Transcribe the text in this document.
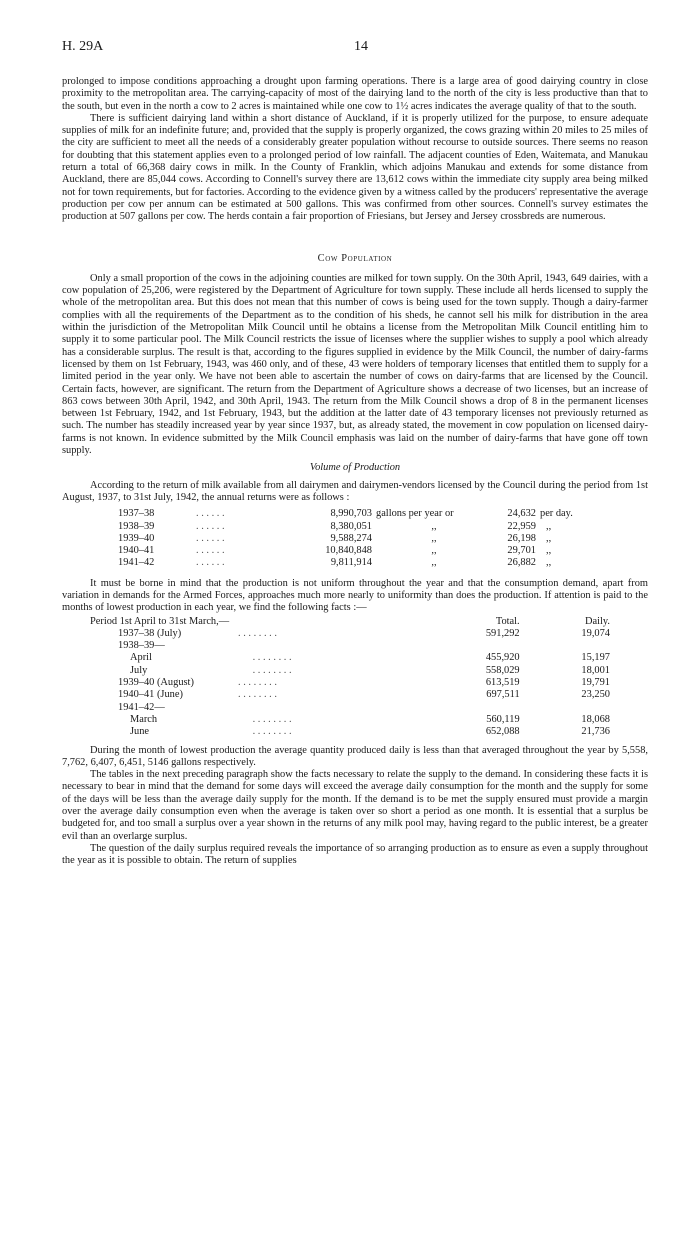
H. 29A	14

prolonged to impose conditions approaching a drought upon farming operations. There is a large area of good dairying country in close proximity to the metropolitan area. The carrying-capacity of most of the dairying land to the north of the city is less productive than that to the south, but even in the north a cow to 2 acres is maintained while one cow to 1½ acres indicates the average quality of that to the south.

There is sufficient dairying land within a short distance of Auckland, if it is properly utilized for the purpose, to ensure adequate supplies of milk for an indefinite future; and, provided that the supply is properly organized, the cows grazing within 20 miles to 25 miles of the city are sufficient to meet all the needs of a considerably greater population without recourse to outside sources. There seems no reason for doubting that this statement applies even to a prolonged period of low rainfall. The adjacent counties of Eden, Waitemata, and Manukau return a total of 66,368 dairy cows in milk. In the County of Franklin, which adjoins Manukau and extends for some distance from Auckland, there are 85,044 cows. According to Connell's survey there are 13,612 cows within the immediate city supply area being milked not for town requirements, but for factories. According to the evidence given by a witness called by the producers' representative the average production per cow per annum can be estimated at 500 gallons. This was confirmed from other sources. Connell's survey estimates the production at 507 gallons per cow. The herds contain a fair proportion of Friesians, but Jersey and Jersey crossbreds are numerous.

Cow Population

Only a small proportion of the cows in the adjoining counties are milked for town supply. On the 30th April, 1943, 649 dairies, with a cow population of 25,206, were registered by the Department of Agriculture for town supply. These include all herds licensed to supply the whole of the metropolitan area. But this does not mean that this number of cows is being used for the town supply. Though a dairy-farmer complies with all the requirements of the Department as to the condition of his sheds, he cannot sell his milk for distribution in the area within the jurisdiction of the Metropolitan Milk Council until he obtains a license from the Metropolitan Milk Council entitling him to supply it to some particular pool. The Milk Council restricts the issue of licenses where the supplier wishes to supply a pool which already has a considerable surplus. The result is that, according to the figures supplied in evidence by the Milk Council, the number of dairy-farms licensed by them on 1st February, 1943, was 460 only, and of these, 43 were holders of temporary licenses that entitled them to supply for a limited period in the year only. We have not been able to ascertain the number of cows on dairy-farms that are licensed by the Council. Certain facts, however, are significant. The return from the Department of Agriculture shows a decrease of two licenses, but an increase of 863 cows between 30th April, 1942, and 30th April, 1943. The return from the Milk Council shows a drop of 8 in the permanent licenses between 1st February, 1942, and 1st February, 1943, but the addition at the latter date of 43 temporary licenses not previously returned as such. The number has steadily increased year by year since 1937, but, as already stated, the movement in cow population on licensed dairy-farms is not known. In evidence submitted by the Milk Council emphasis was laid on the number of dairy-farms that have gone off town supply.

Volume of Production

According to the return of milk available from all dairymen and dairymen-vendors licensed by the Council during the period from 1st August, 1937, to 31st July, 1942, the annual returns were as follows :

1937–38	. . . . . .	8,990,703	gallons per year or	24,632	per day.
1938–39	. . . . . .	8,380,051	,,	22,959	,,
1939–40	. . . . . .	9,588,274	,,	26,198	,,
1940–41	. . . . . .	10,840,848	,,	29,701	,,
1941–42	. . . . . .	9,811,914	,,	26,882	,,

It must be borne in mind that the production is not uniform throughout the year and that the consumption demand, apart from variation in demands for the Armed Forces, approaches much more nearly to uniformity than does the production. If attention is paid to the months of lowest production in each year, we find the following facts :—

Period 1st April to 31st March,—	Total.	Daily.
1937–38 (July) . . . . . . . .	591,292	19,074
1938–39—		
April . . . . . . . .	455,920	15,197
July . . . . . . . .	558,029	18,001
1939–40 (August) . . . . . . . .	613,519	19,791
1940–41 (June) . . . . . . . .	697,511	23,250
1941–42—		
March . . . . . . . .	560,119	18,068
June . . . . . . . .	652,088	21,736

During the month of lowest production the average quantity produced daily is less than that averaged throughout the year by 5,558, 7,762, 6,407, 6,451, 5146 gallons respectively.

The tables in the next preceding paragraph show the facts necessary to relate the supply to the demand. In considering these facts it is necessary to bear in mind that the demand for some days will exceed the average daily consumption for the month and the supply for some of the days will be less than the average daily supply for the month. If the demand is to be met the supply ensured must provide a margin over the average daily consumption even when the average is taken over so short a period as one month. It is essential that a surplus be budgeted for, and too small a surplus over a year shown in the returns of any milk pool may, having regard to the public interest, be a greater evil than an overlarge surplus.

The question of the daily surplus required reveals the importance of so arranging production as to ensure as even a supply throughout the year as it is possible to obtain. The return of supplies
